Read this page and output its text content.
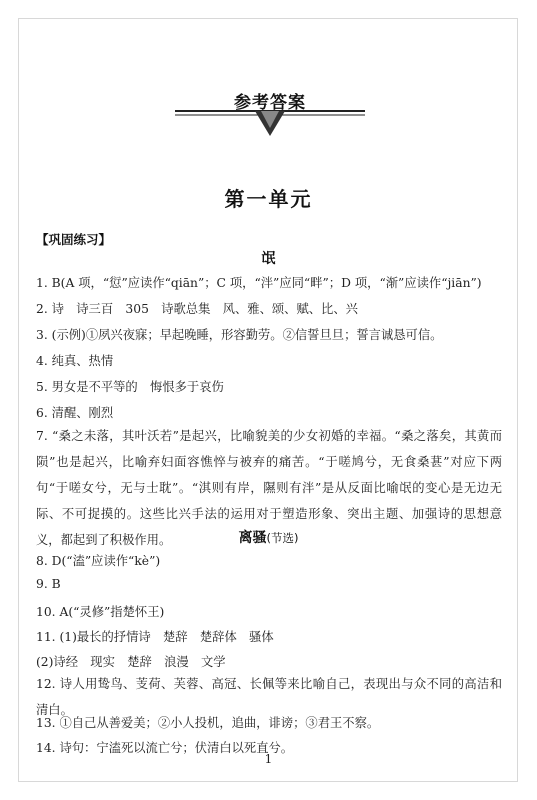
参考答案
第一单元
【巩固练习】
氓
1. B(A 项，“愆”应读作“qiān”；C 项，“泮”应同“畔”；D 项，“渐”应读作“jiān”)
2. 诗　诗三百　305　诗歌总集　风、雅、颂、赋、比、兴
3. (示例)①夙兴夜寐；早起晚睡，形容勤劳。②信誓旦旦；誓言诚恳可信。
4. 纯真、热情
5. 男女是不平等的　悔恨多于哀伤
6. 清醒、刚烈
7. “桑之未落，其叶沃若”是起兴，比喻貌美的少女初婚的幸福。“桑之落矣，其黄而陨”也是起兴，比喻弃妇面容憔悴与被弃的痛苦。“于嗟鸠兮，无食桑葚”对应下两句“于嗟女兮，无与士耽”。“淇则有岸，隰则有泮”是从反面比喻氓的变心是无边无际、不可捉摸的。这些比兴手法的运用对于塑造形象、突出主题、加强诗的思想意义，都起到了积极作用。	离骚(节选)
8. D(“溘”应读作“kè”)
9. B
10. A(“灵修”指楚怀王)
11. (1)最长的抒情诗　楚辞　楚辞体　骚体
(2)诗经　现实　楚辞　浪漫　文学
12. 诗人用鸷鸟、芰荷、芙蓉、高冠、长佩等来比喻自己，表现出与众不同的高洁和清白。
13. ①自己从善爱美；②小人投机，追曲，诽谤；③君王不察。
14. 诗句：宁溘死以流亡兮；伏清白以死直兮。
1
